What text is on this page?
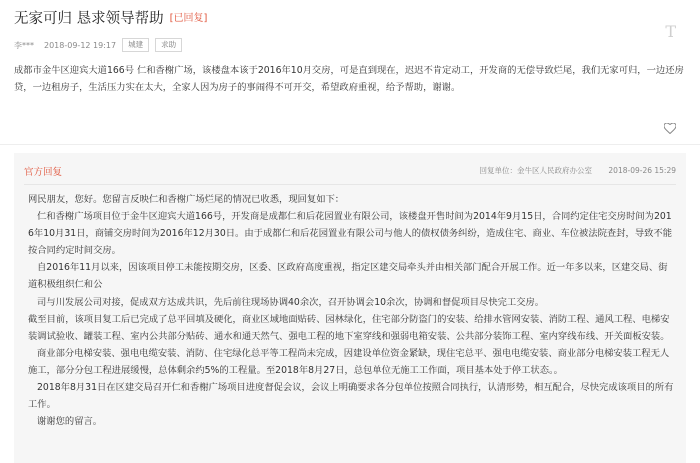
无家可归 恳求领导帮助 [已回复]
T
李*** 2018-09-12 19:17	城建	求助
成都市金牛区迎宾大道166号 仁和香榭广场，该楼盘本该于2016年10月交房，可是直到现在，迟迟不肯定动工，开发商的无偿导致烂尾，我们无家可归，一边还房贷，一边租房子，生活压力实在太大，全家人因为房子的事闹得不可开交，希望政府重视，给予帮助，谢谢。
官方回复	回复单位：金牛区人民政府办公室 2018-09-26 15:29

网民朋友，您好。您留言反映仁和香榭广场烂尾的情况已收悉，现回复如下：

仁和香榭广场项目位于金牛区迎宾大道166号，开发商是成都仁和后花园置业有限公司，该楼盘开售时间为2014年9月15日，合同约定住宅交房时间为2016年10月31日，商铺交房时间为2016年12月30日。由于成都仁和后花园置业有限公司与他人的债权债务纠纷，造成住宅、商业、车位被法院查封，导致不能按合同约定时间交房。

自2016年11月以来，因该项目停工未能按期交房，区委、区政府高度重视，指定区建交局牵头并由相关部门配合开展工作。近一年多以来，区建交局、街道积极组织仁和公

司与川发展公司对接，促成双方达成共识，先后前往现场协调40余次，召开协调会10余次，协调和督促项目尽快完工交房。

截至目前，该项目复工后已完成了总平回填及硬化，商业区域地面贴砖、园林绿化，住宅部分防盗门的安装、给排水管网安装、消防工程、通风工程、电梯安装调试验收、罐装工程、室内公共部分贴砖、通水和通天然气、强电工程的地下室穿线和强弱电箱安装、公共部分装饰工程、室内穿线布线、开关面板安装。

商业部分电梯安装、强电电缆安装、消防、住宅绿化总平等工程尚未完成，因建设单位资金紧缺，现住宅总平、强电电缆安装、商业部分电梯安装工程无人施工，部分分包工程进展缓慢，总体剩余约5%的工程量。至2018年8月27日，总包单位无施工工作面，项目基本处于停工状态。。

2018年8月31日在区建交局召开仁和香榭广场项目进度督促会议，会议上明确要求各分包单位按照合同执行，认清形势，相互配合，尽快完成该项目的所有工作。

谢谢您的留言。
